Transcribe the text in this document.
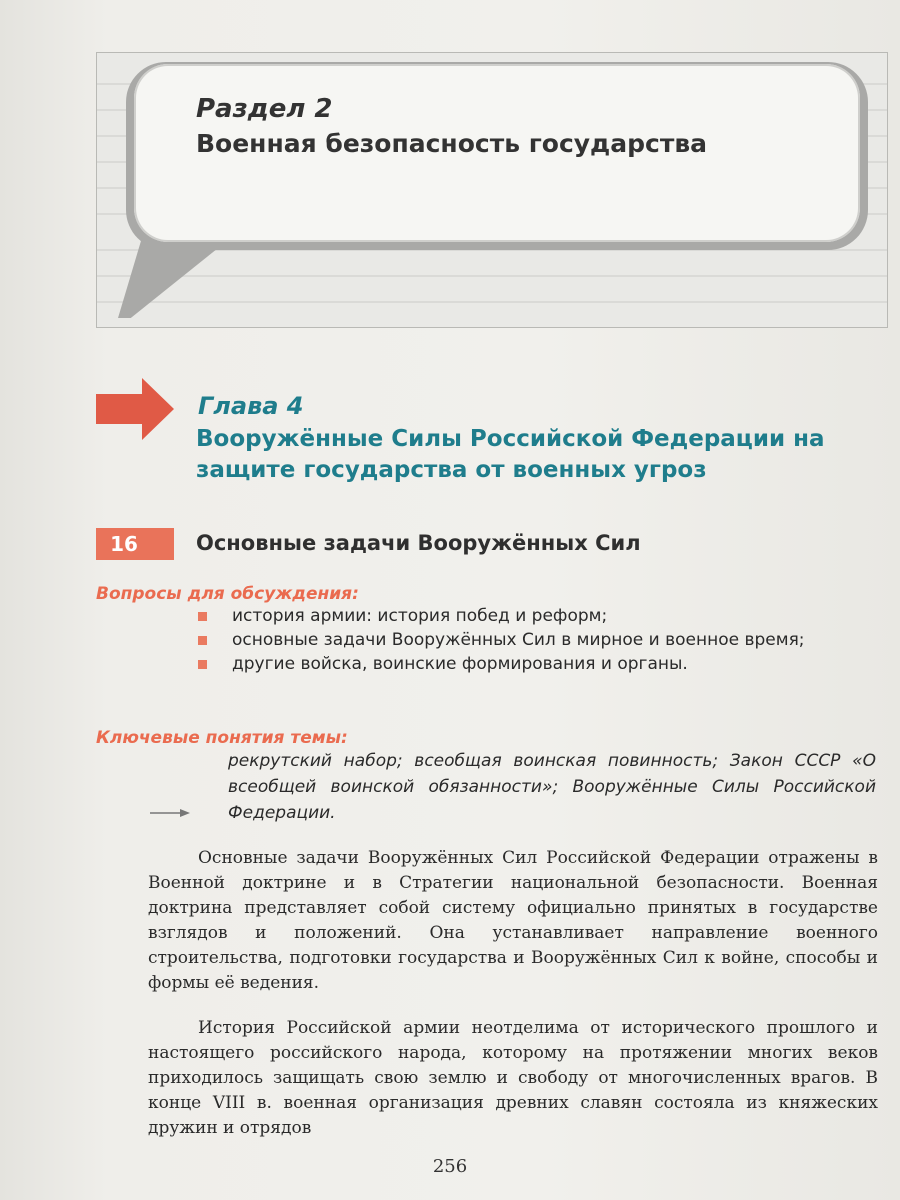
Раздел 2
Военная безопасность государства
Глава 4
Вооружённые Силы Российской Федерации на защите государства от военных угроз
16	Основные задачи Вооружённых Сил
Вопросы для обсуждения:
история армии: история побед и реформ;
основные задачи Вооружённых Сил в мирное и военное время;
другие войска, воинские формирования и органы.
Ключевые понятия темы:
рекрутский набор; всеобщая воинская повинность; Закон СССР «О всеобщей воинской обязанности»; Вооружённые Силы Российской Федерации.

Основные задачи Вооружённых Сил Российской Федерации отражены в Военной доктрине и в Стратегии национальной безопасности. Военная доктрина представляет собой систему официально принятых в государстве взглядов и положений. Она устанавливает направление военного строительства, подготовки государства и Вооружённых Сил к войне, способы и формы её ведения.

История Российской армии неотделима от исторического прошлого и настоящего российского народа, которому на протяжении многих веков приходилось защищать свою землю и свободу от многочисленных врагов. В конце VIII в. военная организация древних славян состояла из княжеских дружин и отрядов

256
